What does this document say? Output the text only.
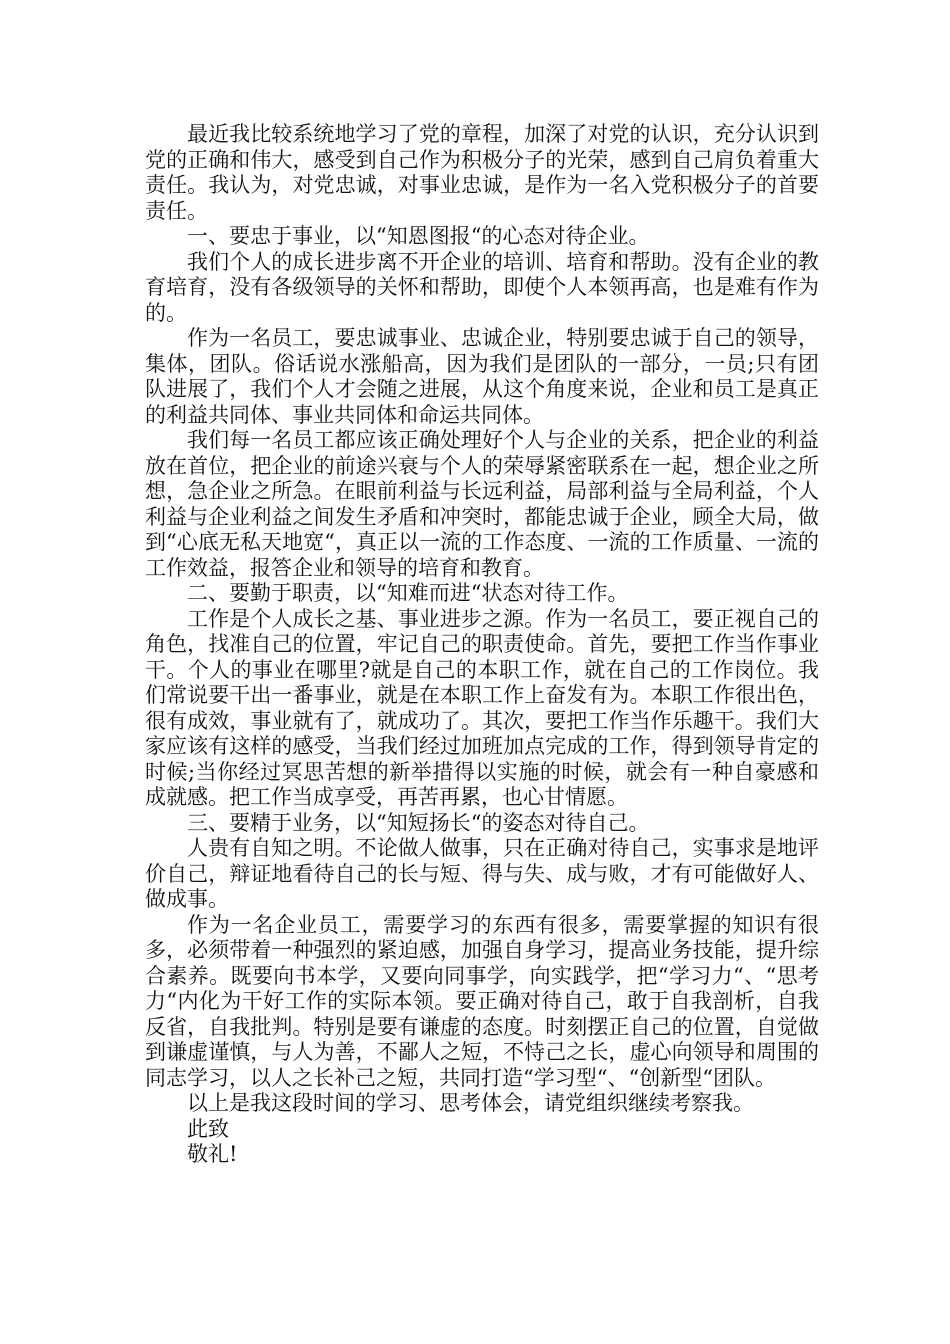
最近我比较系统地学习了党的章程，加深了对党的认识，充分认识到党的正确和伟大，感受到自己作为积极分子的光荣，感到自己肩负着重大责任。我认为，对党忠诚，对事业忠诚，是作为一名入党积极分子的首要责任。

一、要忠于事业，以“知恩图报“的心态对待企业。

我们个人的成长进步离不开企业的培训、培育和帮助。没有企业的教育培育，没有各级领导的关怀和帮助，即使个人本领再高，也是难有作为的。

作为一名员工，要忠诚事业、忠诚企业，特别要忠诚于自己的领导，集体，团队。俗话说水涨船高，因为我们是团队的一部分，一员;只有团队进展了，我们个人才会随之进展，从这个角度来说，企业和员工是真正的利益共同体、事业共同体和命运共同体。

我们每一名员工都应该正确处理好个人与企业的关系，把企业的利益放在首位，把企业的前途兴衰与个人的荣辱紧密联系在一起，想企业之所想，急企业之所急。在眼前利益与长远利益，局部利益与全局利益，个人利益与企业利益之间发生矛盾和冲突时，都能忠诚于企业，顾全大局，做到“心底无私天地宽“，真正以一流的工作态度、一流的工作质量、一流的工作效益，报答企业和领导的培育和教育。

二、要勤于职责，以“知难而进“状态对待工作。

工作是个人成长之基、事业进步之源。作为一名员工，要正视自己的角色，找准自己的位置，牢记自己的职责使命。首先，要把工作当作事业干。个人的事业在哪里?就是自己的本职工作，就在自己的工作岗位。我们常说要干出一番事业，就是在本职工作上奋发有为。本职工作很出色，很有成效，事业就有了，就成功了。其次，要把工作当作乐趣干。我们大家应该有这样的感受，当我们经过加班加点完成的工作，得到领导肯定的时候;当你经过冥思苦想的新举措得以实施的时候，就会有一种自豪感和成就感。把工作当成享受，再苦再累，也心甘情愿。

三、要精于业务，以“知短扬长“的姿态对待自己。

人贵有自知之明。不论做人做事，只在正确对待自己，实事求是地评价自己，辩证地看待自己的长与短、得与失、成与败，才有可能做好人、做成事。

作为一名企业员工，需要学习的东西有很多，需要掌握的知识有很多，必须带着一种强烈的紧迫感，加强自身学习，提高业务技能，提升综合素养。既要向书本学，又要向同事学，向实践学，把“学习力“、“思考力“内化为干好工作的实际本领。要正确对待自己，敢于自我剖析，自我反省，自我批判。特别是要有谦虚的态度。时刻摆正自己的位置，自觉做到谦虚谨慎，与人为善，不鄙人之短，不恃己之长，虚心向领导和周围的同志学习，以人之长补己之短，共同打造“学习型“、“创新型“团队。

以上是我这段时间的学习、思考体会，请党组织继续考察我。

此致

敬礼!
